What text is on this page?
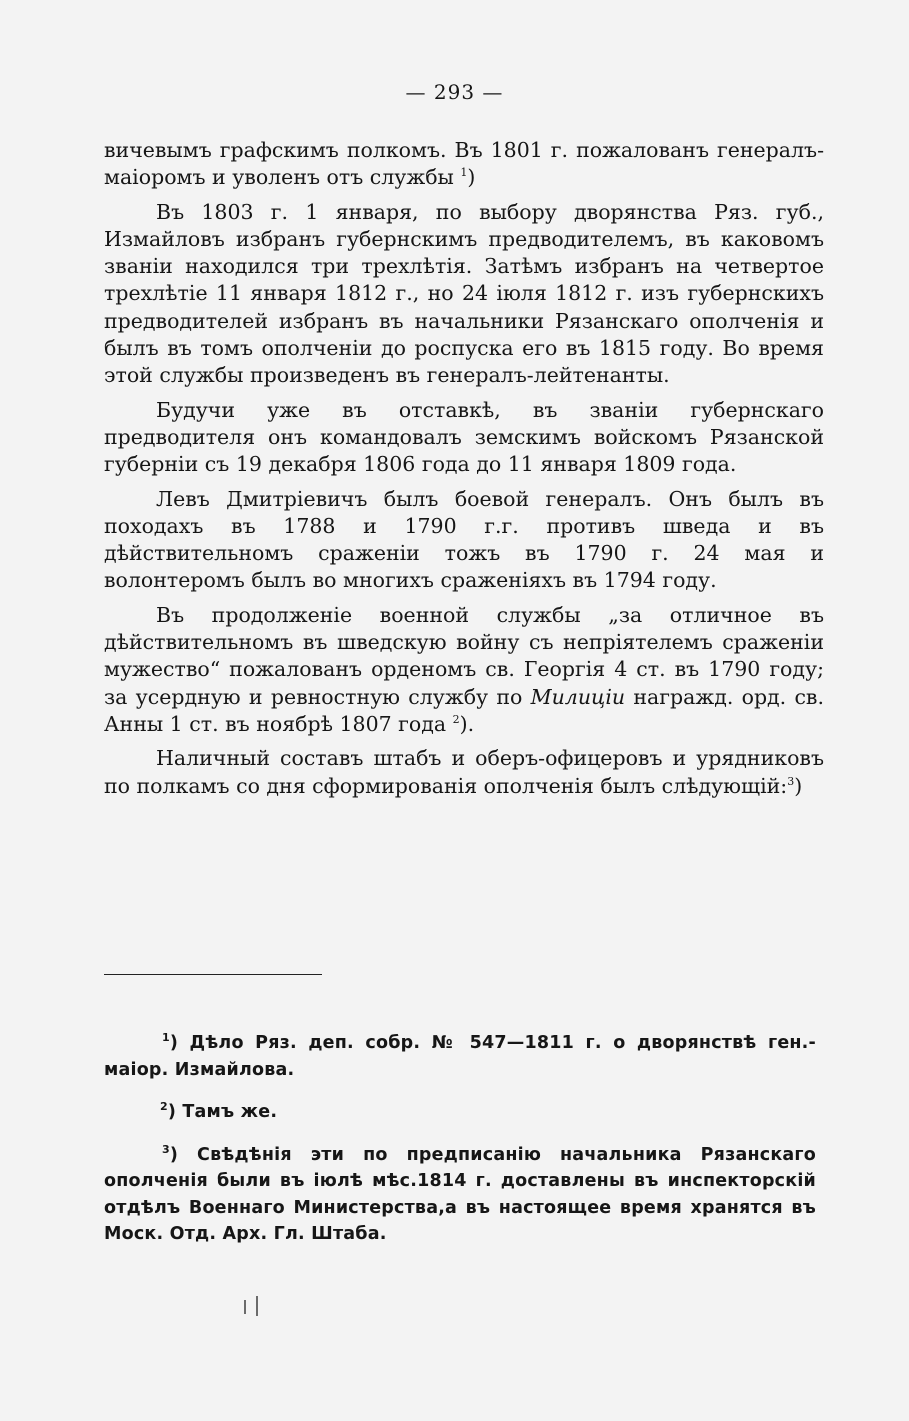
— 293 —

вичевымъ графскимъ полкомъ. Въ 1801 г. пожалованъ генералъ-маіоромъ и уволенъ отъ службы $^1$)

Въ 1803 г. 1 января, по выбору дворянства Ряз. губ., Измайловъ избранъ губернскимъ предводителемъ, въ каковомъ званіи находился три трехлѣтія. Затѣмъ избранъ на четвертое трехлѣтіе 11 января 1812 г., но 24 іюля 1812 г. изъ губернскихъ предводителей избранъ въ начальники Рязанскаго ополченія и былъ въ томъ ополченіи до роспуска его въ 1815 году. Во время этой службы произведенъ въ генералъ-лейтенанты.

Будучи уже въ отставкѣ, въ званіи губернскаго предводителя онъ командовалъ земскимъ войскомъ Рязанской губерніи съ 19 декабря 1806 года до 11 января 1809 года.

Левъ Дмитріевичъ былъ боевой генералъ. Онъ былъ въ походахъ въ 1788 и 1790 г.г. противъ шведа и въ дѣйствительномъ сраженіи тожъ въ 1790 г. 24 мая и волонтеромъ былъ во многихъ сраженіяхъ въ 1794 году.

Въ продолженіе военной службы „за отличное въ дѣйствительномъ въ шведскую войну съ непріятелемъ сраженіи мужество“ пожалованъ орденомъ св. Георгія 4 ст. въ 1790 году; за усердную и ревностную службу по Милиціи награжд. орд. св. Анны 1 ст. въ ноябрѣ 1807 года $^2$).

Наличный составъ штабъ и оберъ-офицеровъ и урядниковъ по полкамъ со дня сформированія ополченія былъ слѣдующій:$^3$)

$^1$) Дѣло Ряз. деп. собр. № 547—1811 г. о дворянствѣ ген.-маіор. Измайлова.

$^2$) Тамъ же.

$^3$) Свѣдѣнія эти по предписанію начальника Рязанскаго ополченія были въ іюлѣ мѣс.1814 г. доставлены въ инспекторскій отдѣлъ Военнаго Министерства,а въ настоящее время хранятся въ Моск. Отд. Арх. Гл. Штаба.
